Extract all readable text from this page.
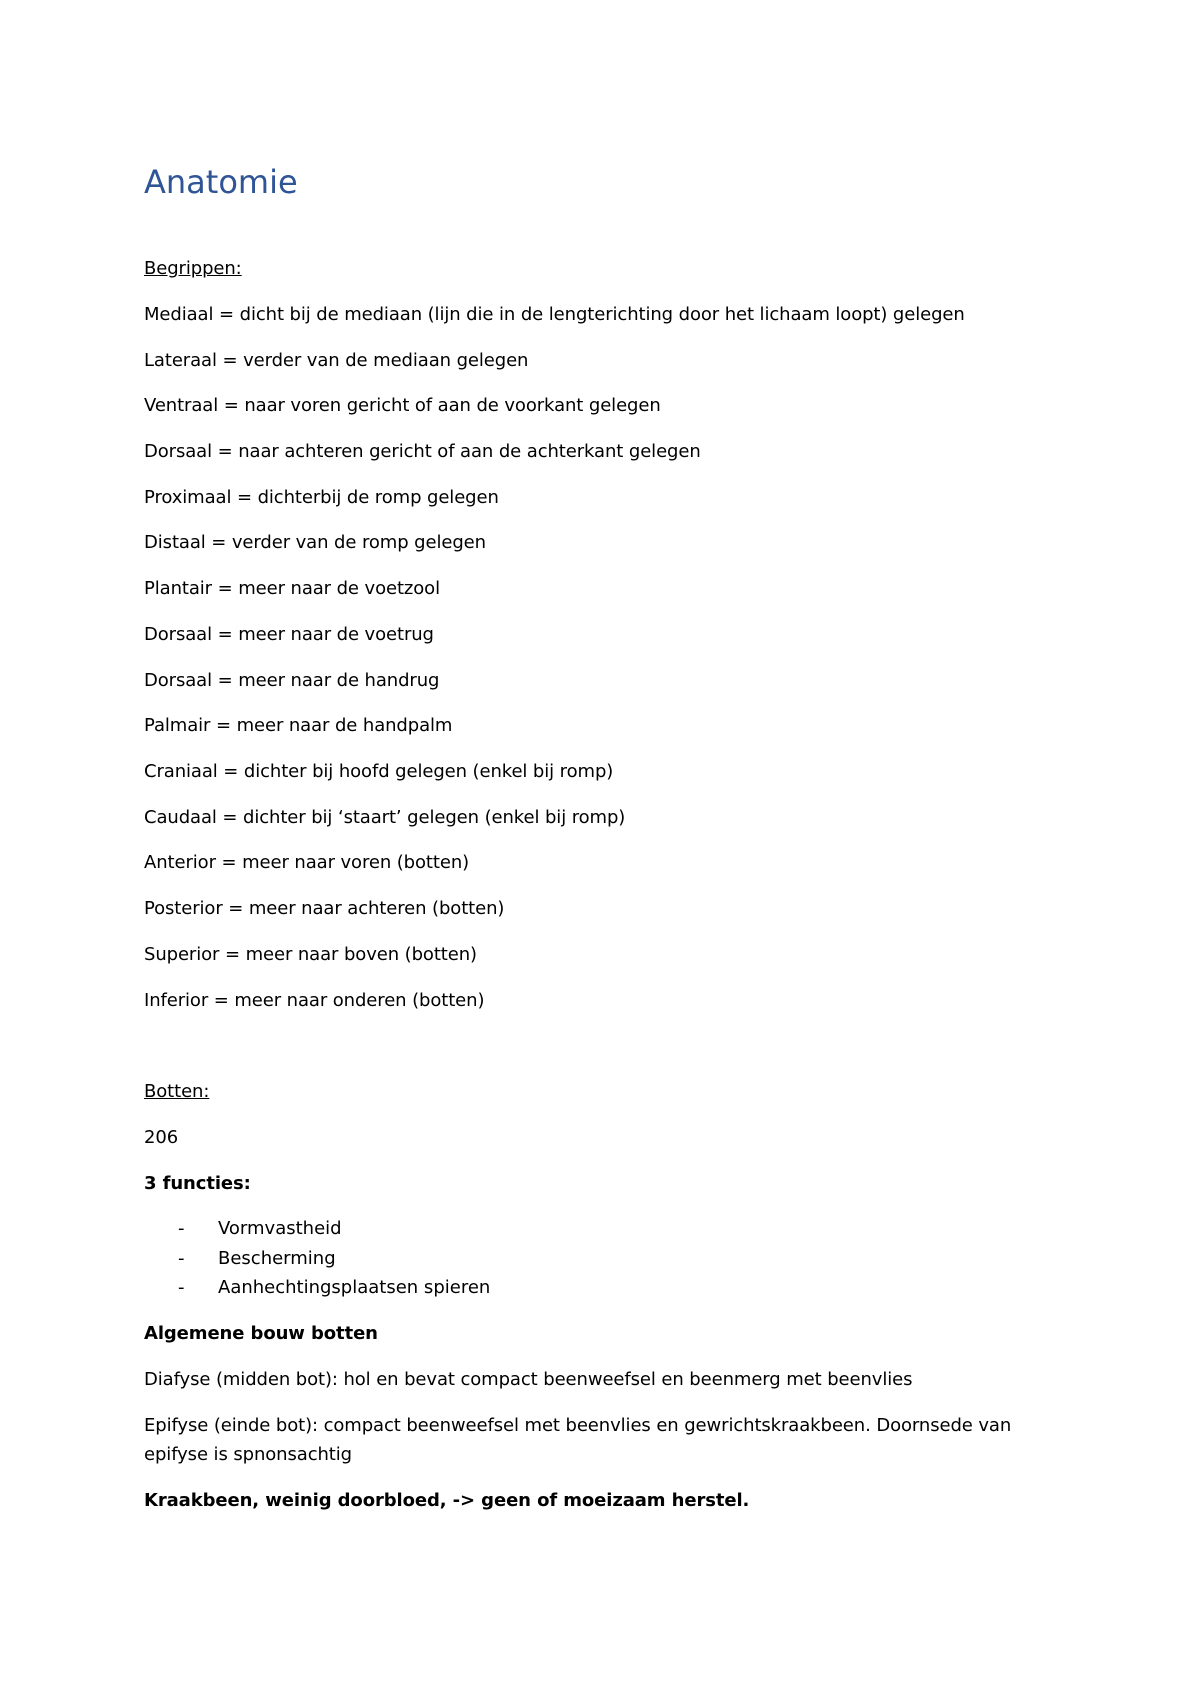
Anatomie
Begrippen:
Mediaal = dicht bij de mediaan (lijn die in de lengterichting door het lichaam loopt) gelegen
Lateraal = verder van de mediaan gelegen
Ventraal = naar voren gericht of aan de voorkant gelegen
Dorsaal = naar achteren gericht of aan de achterkant gelegen
Proximaal = dichterbij de romp gelegen
Distaal = verder van de romp gelegen
Plantair = meer naar de voetzool
Dorsaal = meer naar de voetrug
Dorsaal = meer naar de handrug
Palmair = meer naar de handpalm
Craniaal = dichter bij hoofd gelegen (enkel bij romp)
Caudaal = dichter bij ‘staart’ gelegen (enkel bij romp)
Anterior = meer naar voren (botten)
Posterior = meer naar achteren (botten)
Superior = meer naar boven (botten)
Inferior = meer naar onderen (botten)
Botten:
206
3 functies:
- Vormvastheid
- Bescherming
- Aanhechtingsplaatsen spieren
Algemene bouw botten
Diafyse (midden bot): hol en bevat compact beenweefsel en beenmerg met beenvlies
Epifyse (einde bot): compact beenweefsel met beenvlies en gewrichtskraakbeen. Doornsede van
epifyse is spnonsachtig
Kraakbeen, weinig doorbloed, -> geen of moeizaam herstel.
